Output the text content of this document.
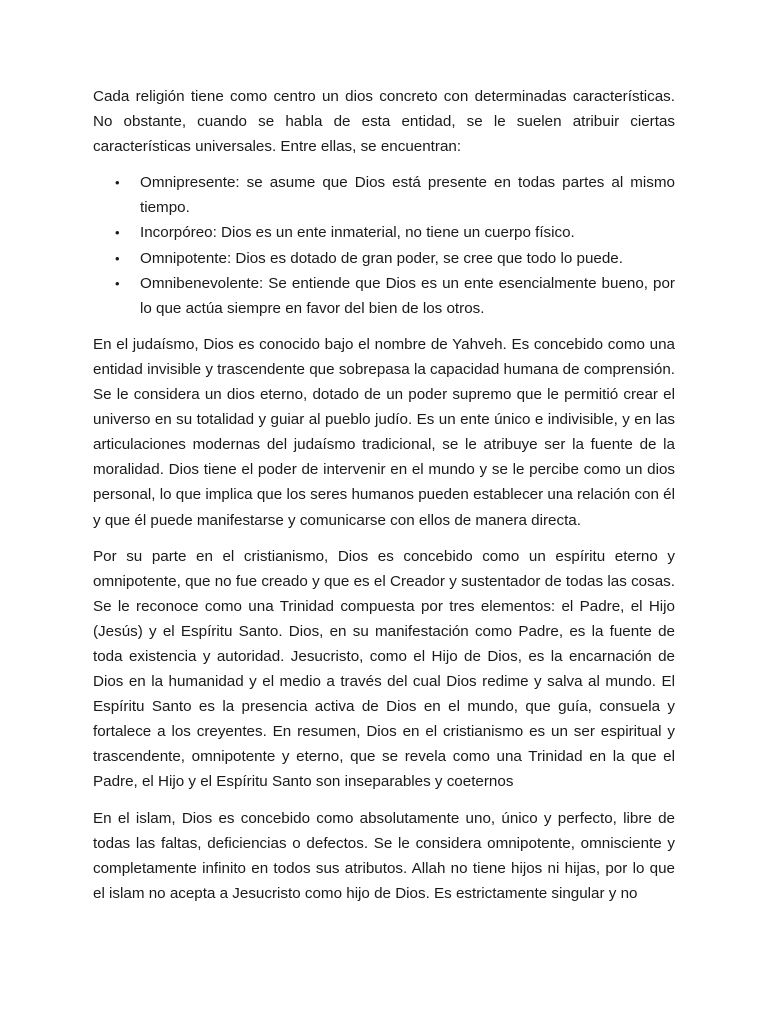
Cada religión tiene como centro un dios concreto con determinadas características. No obstante, cuando se habla de esta entidad, se le suelen atribuir ciertas características universales. Entre ellas, se encuentran:

• Omnipresente: se asume que Dios está presente en todas partes al mismo tiempo.
• Incorpóreo: Dios es un ente inmaterial, no tiene un cuerpo físico.
• Omnipotente: Dios es dotado de gran poder, se cree que todo lo puede.
• Omnibenevolente: Se entiende que Dios es un ente esencialmente bueno, por lo que actúa siempre en favor del bien de los otros.

En el judaísmo, Dios es conocido bajo el nombre de Yahveh. Es concebido como una entidad invisible y trascendente que sobrepasa la capacidad humana de comprensión. Se le considera un dios eterno, dotado de un poder supremo que le permitió crear el universo en su totalidad y guiar al pueblo judío. Es un ente único e indivisible, y en las articulaciones modernas del judaísmo tradicional, se le atribuye ser la fuente de la moralidad. Dios tiene el poder de intervenir en el mundo y se le percibe como un dios personal, lo que implica que los seres humanos pueden establecer una relación con él y que él puede manifestarse y comunicarse con ellos de manera directa.

Por su parte en el cristianismo, Dios es concebido como un espíritu eterno y omnipotente, que no fue creado y que es el Creador y sustentador de todas las cosas. Se le reconoce como una Trinidad compuesta por tres elementos: el Padre, el Hijo (Jesús) y el Espíritu Santo. Dios, en su manifestación como Padre, es la fuente de toda existencia y autoridad. Jesucristo, como el Hijo de Dios, es la encarnación de Dios en la humanidad y el medio a través del cual Dios redime y salva al mundo. El Espíritu Santo es la presencia activa de Dios en el mundo, que guía, consuela y fortalece a los creyentes. En resumen, Dios en el cristianismo es un ser espiritual y trascendente, omnipotente y eterno, que se revela como una Trinidad en la que el Padre, el Hijo y el Espíritu Santo son inseparables y coeternos

En el islam, Dios es concebido como absolutamente uno, único y perfecto, libre de todas las faltas, deficiencias o defectos. Se le considera omnipotente, omnisciente y completamente infinito en todos sus atributos. Allah no tiene hijos ni hijas, por lo que el islam no acepta a Jesucristo como hijo de Dios. Es estrictamente singular y no
